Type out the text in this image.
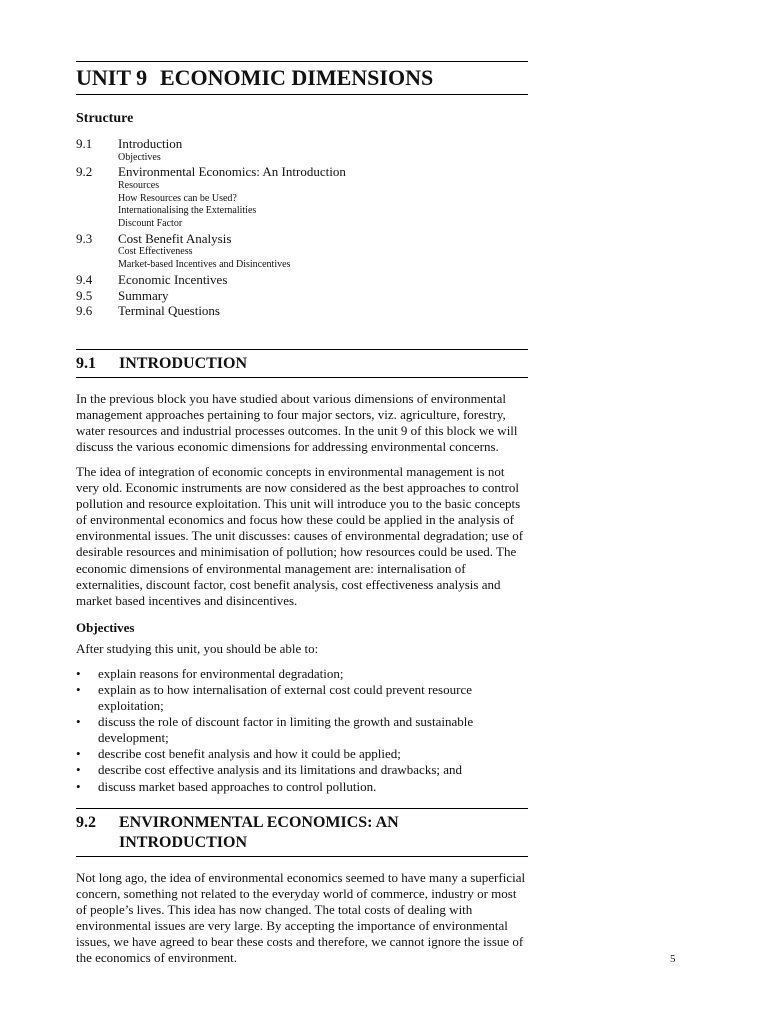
UNIT 9 ECONOMIC DIMENSIONS
Structure
9.1	Introduction
Objectives
9.2	Environmental Economics: An Introduction
Resources
How Resources can be Used?
Internationalising the Externalities
Discount Factor
9.3	Cost Benefit Analysis
Cost Effectiveness
Market-based Incentives and Disincentives
9.4	Economic Incentives
9.5	Summary
9.6	Terminal Questions
9.1	INTRODUCTION

In the previous block you have studied about various dimensions of environmental management approaches pertaining to four major sectors, viz. agriculture, forestry, water resources and industrial processes outcomes. In the unit 9 of this block we will discuss the various economic dimensions for addressing environmental concerns.

The idea of integration of economic concepts in environmental management is not very old. Economic instruments are now considered as the best approaches to control pollution and resource exploitation. This unit will introduce you to the basic concepts of environmental economics and focus how these could be applied in the analysis of environmental issues. The unit discusses: causes of environmental degradation; use of desirable resources and minimisation of pollution; how resources could be used. The economic dimensions of environmental management are: internalisation of externalities, discount factor, cost benefit analysis, cost effectiveness analysis and market based incentives and disincentives.

Objectives

After studying this unit, you should be able to:

• explain reasons for environmental degradation;
• explain as to how internalisation of external cost could prevent resource exploitation;
• discuss the role of discount factor in limiting the growth and sustainable development;
• describe cost benefit analysis and how it could be applied;
• describe cost effective analysis and its limitations and drawbacks; and
• discuss market based approaches to control pollution.
9.2	ENVIRONMENTAL ECONOMICS: AN
INTRODUCTION

Not long ago, the idea of environmental economics seemed to have many a superficial concern, something not related to the everyday world of commerce, industry or most of people’s lives. This idea has now changed. The total costs of dealing with environmental issues are very large. By accepting the importance of environmental issues, we have agreed to bear these costs and therefore, we cannot ignore the issue of the economics of environment.	5
